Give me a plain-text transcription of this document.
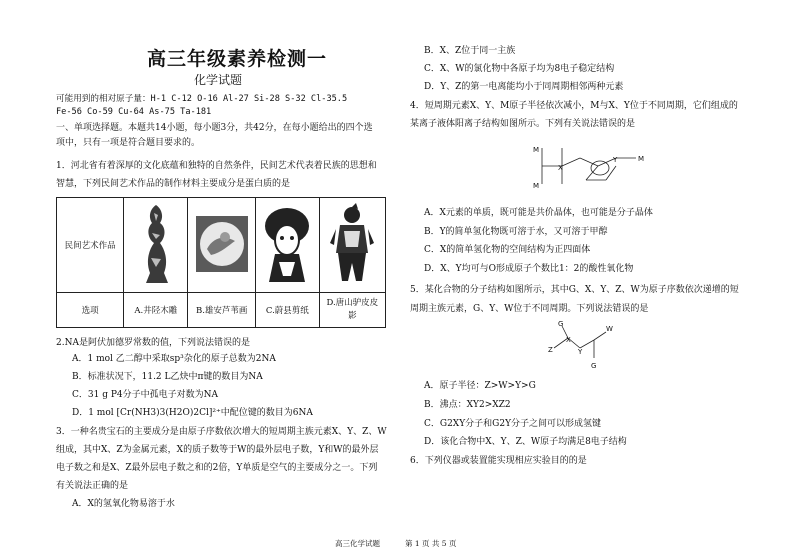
高三年级素养检测一
化学试题
可能用到的相对原子量：H-1 C-12 O-16 Al-27 Si-28 S-32 Cl-35.5
Fe-56 Co-59 Cu-64 As-75 Ta-181
一、单项选择题。本题共14小题，每小题3分，共42分，在每小题给出的四个选
项中，只有一项是符合题目要求的。
1．河北省有着深厚的文化底蕴和独特的自然条件，民间艺术代表着民族的思想和
智慧，下列民间艺术作品的制作材料主要成分是蛋白质的是
民间艺术作品				
选项	A.井陉木雕	B.雄安芦苇画	C.蔚县剪纸	D.唐山驴皮皮
影
2.NA是阿伏加德罗常数的值，下列说法错误的是
A．1 mol 乙二醇中采取sp³杂化的原子总数为2NA
B．标准状况下，11.2 L乙炔中π键的数目为NA
C．31 g P4分子中孤电子对数为NA
D．1 mol [Cr(NH3)3(H2O)2Cl]²⁺中配位键的数目为6NA
3．一种名贵宝石的主要成分是由原子序数依次增大的短周期主族元素X、Y、Z、W
组成，其中X、Z为金属元素，X的质子数等于W的最外层电子数，Y和W的最外层
电子数之和是X、Z最外层电子数之和的2倍，Y单质是空气的主要成分之一。下列
有关说法正确的是
A．X的氢氧化物易溶于水
B．X、Z位于同一主族
C．X、W的氯化物中各原子均为8电子稳定结构
D．Y、Z的第一电离能均小于同周期相邻两种元素
4．短周期元素X、Y、M原子半径依次减小，M与X、Y位于不同周期，它们组成的
某离子液体阳离子结构如图所示。下列有关说法错误的是
M
X
Y	M
M
A．X元素的单质，既可能是共价晶体，也可能是分子晶体
B．Y的简单氢化物既可溶于水，又可溶于甲醇
C．X的简单氢化物的空间结构为正四面体
D．X、Y均可与O形成原子个数比1：2的酸性氧化物
5．某化合物的分子结构如图所示，其中G、X、Y、Z、W为原子序数依次递增的短
周期主族元素，G、Y、W位于不同周期。下列说法错误的是
G
X
Z	Y
W
G
A．原子半径：Z>W>Y>G
B．沸点：XY2>XZ2
C．G2XY分子和G2Y分子之间可以形成氢键
D．该化合物中X、Y、Z、W原子均满足8电子结构
6．下列仪器或装置能实现相应实验目的的是
高三化学试题	第 1 页 共 5 页
